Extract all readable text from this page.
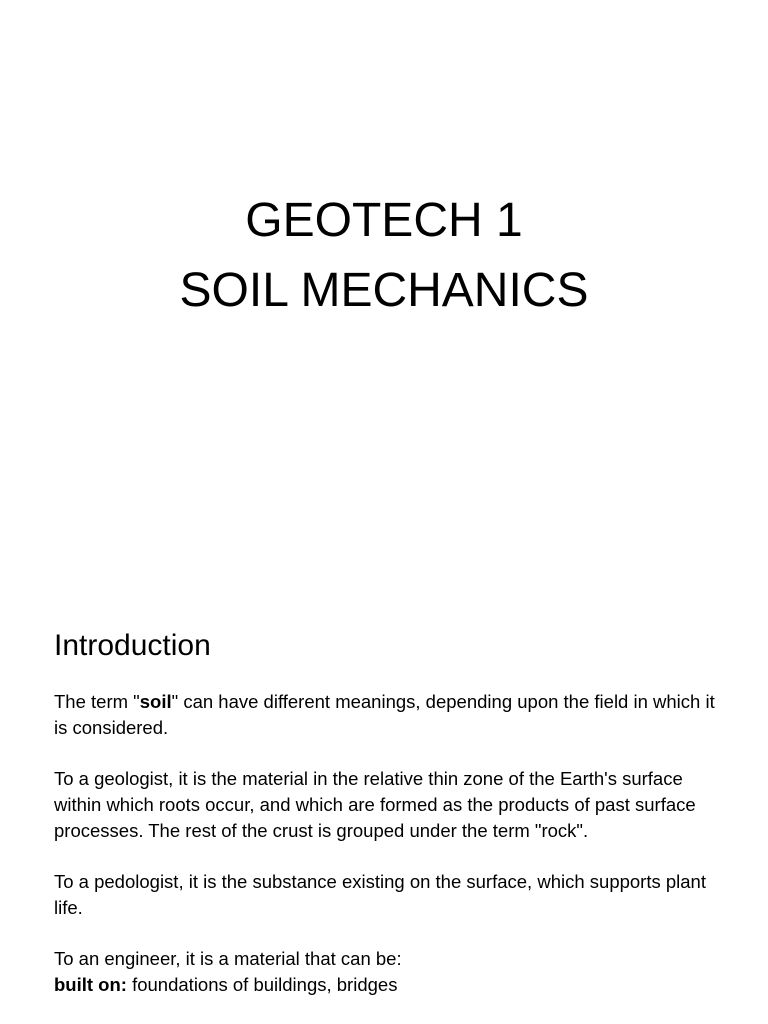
GEOTECH 1
SOIL MECHANICS
Introduction

The term "soil" can have different meanings, depending upon the field in which it is considered.

To a geologist, it is the material in the relative thin zone of the Earth's surface within which roots occur, and which are formed as the products of past surface processes. The rest of the crust is grouped under the term "rock".

To a pedologist, it is the substance existing on the surface, which supports plant life.

To an engineer, it is a material that can be:

built on: foundations of buildings, bridges
